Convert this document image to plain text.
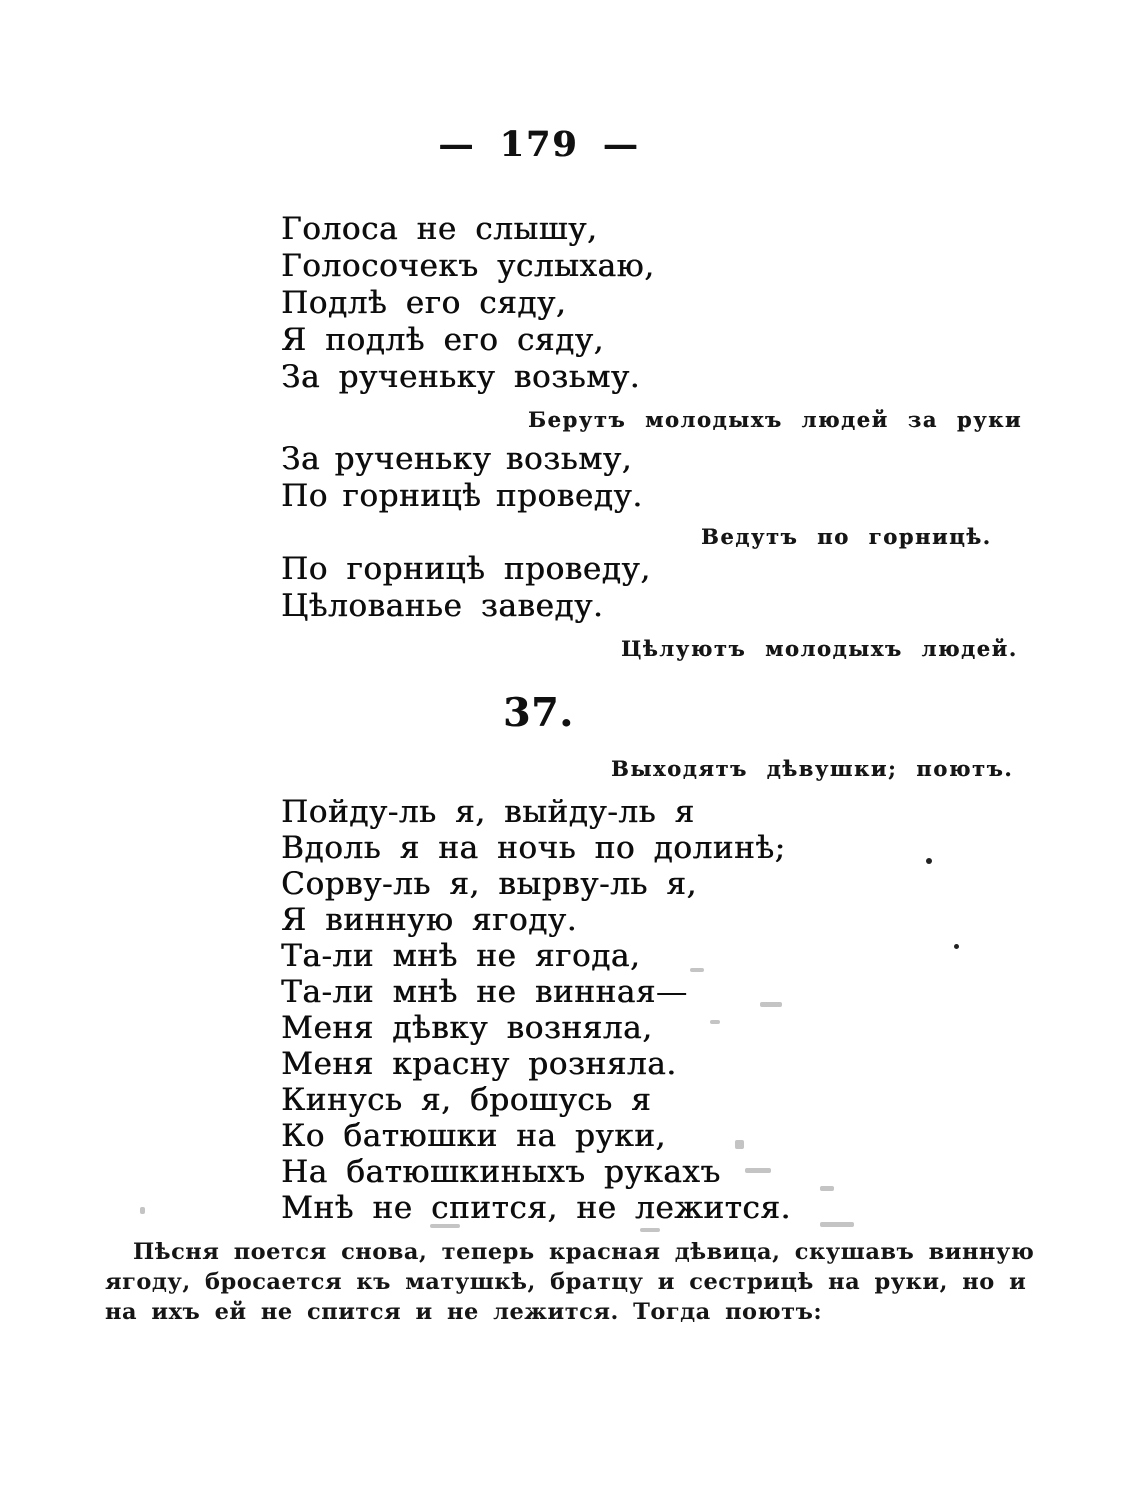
— 179 —
Голоса не слышу,
Голосочекъ услыхаю,
Подлѣ его сяду,
Я подлѣ его сяду,
За рученьку возьму.
Берутъ молодыхъ людей за руки
За рученьку возьму,
По горницѣ проведу.
Ведутъ по горницѣ.
По горницѣ проведу,
Цѣлованье заведу.
Цѣлуютъ молодыхъ людей.
37.
Выходятъ дѣвушки; поютъ.
Пойду-ль я, выйду-ль я
Вдоль я на ночь по долинѣ;
Сорву-ль я, вырву-ль я,
Я винную ягоду.
Та-ли мнѣ не ягода,
Та-ли мнѣ не винная—
Меня дѣвку возняла,
Меня красну розняла.
Кинусь я, брошусь я
Ко батюшки на руки,
На батюшкиныхъ рукахъ
Мнѣ не спится, не лежится.
Пѣсня поется снова, теперь красная дѣвица, скушавъ винную
ягоду, бросается къ матушкѣ, братцу и сестрицѣ на руки, но и
на ихъ ей не спится и не лежится. Тогда поютъ:
